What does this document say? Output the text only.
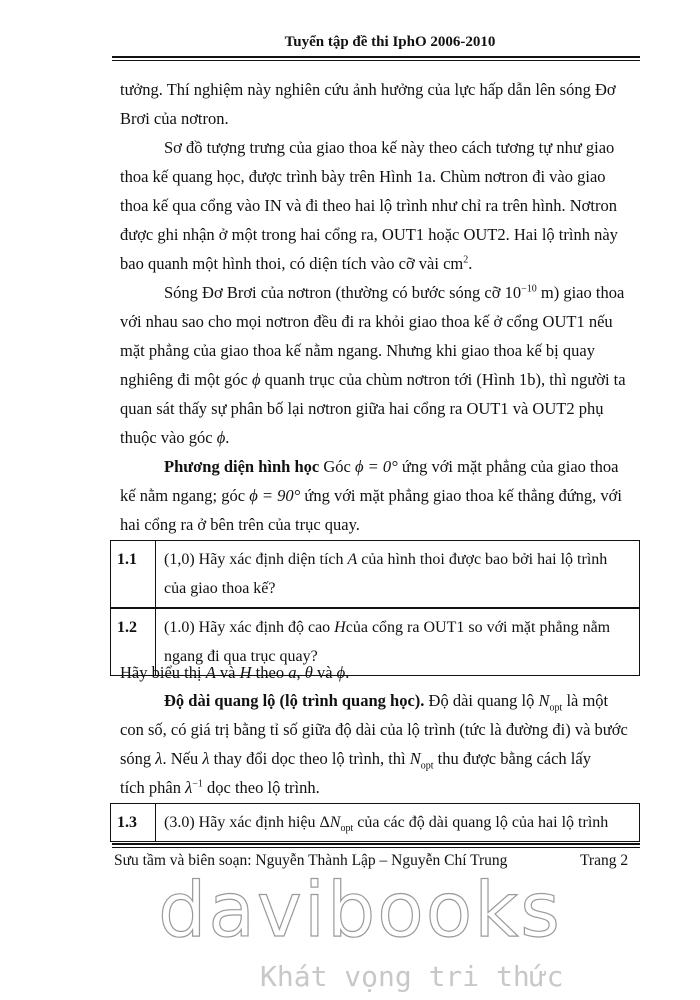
Tuyển tập đề thi IphO 2006-2010

tưởng. Thí nghiệm này nghiên cứu ảnh hưởng của lực hấp dẫn lên sóng Đơ
Brơi của nơtron.

Sơ đồ tượng trưng của giao thoa kế này theo cách tương tự như giao
thoa kế quang học, được trình bày trên Hình 1a. Chùm nơtron đi vào giao
thoa kế qua cổng vào IN và đi theo hai lộ trình như chỉ ra trên hình. Nơtron
được ghi nhận ở một trong hai cổng ra, OUT1 hoặc OUT2. Hai lộ trình này
bao quanh một hình thoi, có diện tích vào cỡ vài $cm^2$.

Sóng Đơ Brơi của nơtron (thường có bước sóng cỡ $10^{-10}$ m) giao thoa
với nhau sao cho mọi nơtron đều đi ra khỏi giao thoa kế ở cổng OUT1 nếu
mặt phẳng của giao thoa kế nằm ngang. Nhưng khi giao thoa kế bị quay
nghiêng đi một góc ϕ quanh trục của chùm nơtron tới (Hình 1b), thì người ta
quan sát thấy sự phân bố lại nơtron giữa hai cổng ra OUT1 và OUT2 phụ
thuộc vào góc ϕ.

Phương diện hình học Góc ϕ = 0° ứng với mặt phẳng của giao thoa
kế nằm ngang; góc ϕ = 90° ứng với mặt phẳng giao thoa kế thẳng đứng, với
hai cổng ra ở bên trên của trục quay.

1.1	(1,0) Hãy xác định diện tích A của hình thoi được bao bởi hai lộ trình
của giao thoa kế?
1.2	(1.0) Hãy xác định độ cao Hcủa cổng ra OUT1 so với mặt phẳng nằm
ngang đi qua trục quay?

Hãy biểu thị A và H theo a, θ và ϕ.

Độ dài quang lộ (lộ trình quang học). Độ dài quang lộ $N_{opt}$ là một
con số, có giá trị bằng tỉ số giữa độ dài của lộ trình (tức là đường đi) và bước
sóng λ. Nếu λ thay đổi dọc theo lộ trình, thì $N_{opt}$ thu được bằng cách lấy
tích phân $\lambda^{-1}$ dọc theo lộ trình.

1.3	(3.0) Hãy xác định hiệu $\Delta N_{opt}$ của các độ dài quang lộ của hai lộ trình
Sưu tầm và biên soạn: Nguyễn Thành Lập – Nguyễn Chí Trung	Trang 2
davibooks
Khát vọng tri thức
